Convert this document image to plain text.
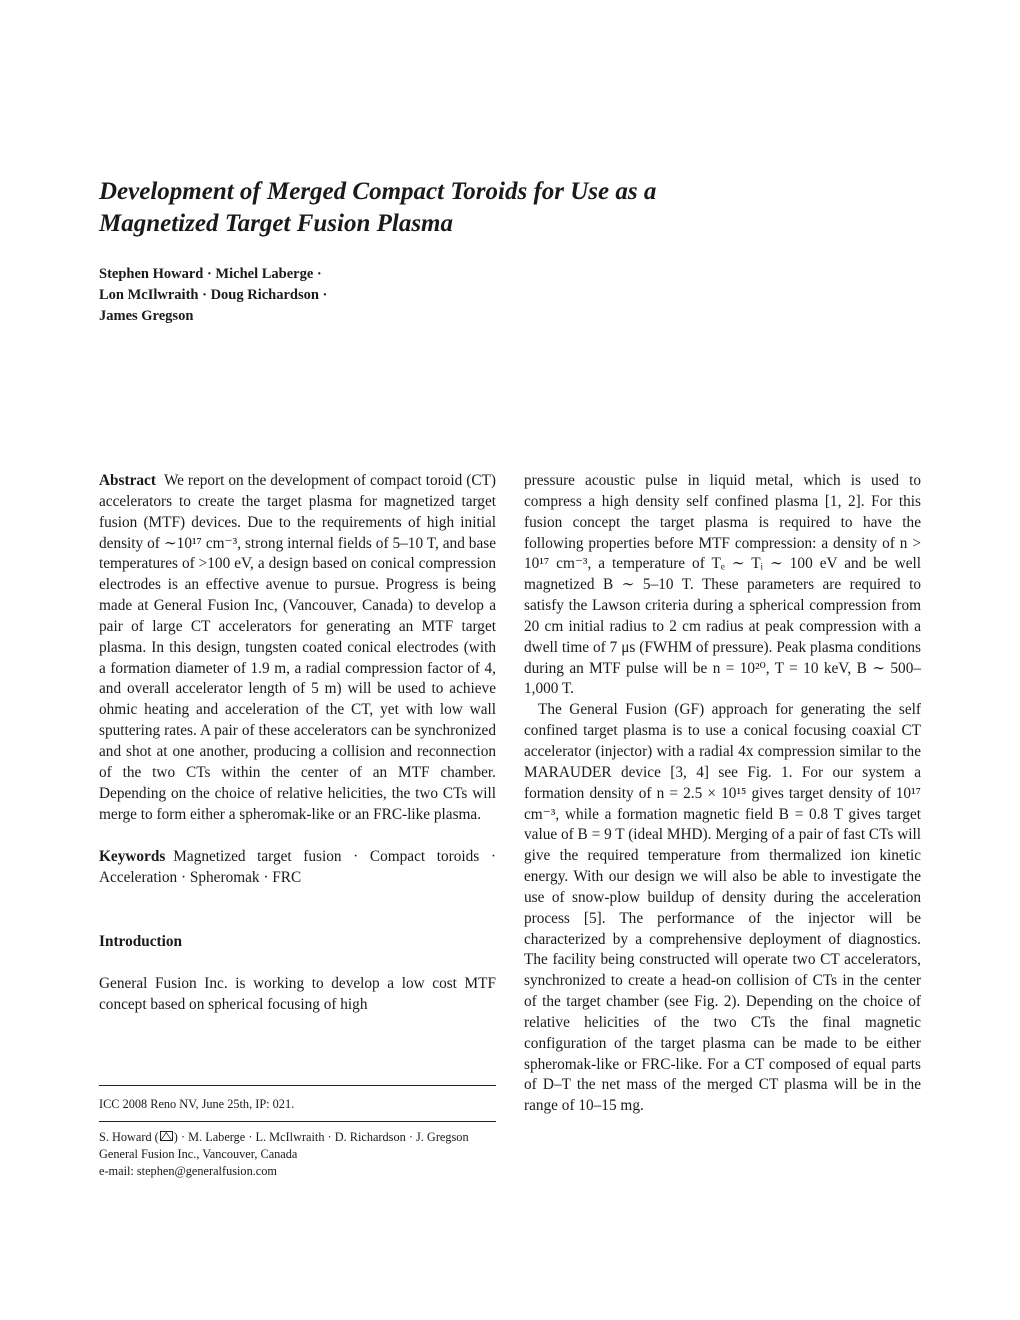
Development of Merged Compact Toroids for Use as a Magnetized Target Fusion Plasma
Stephen Howard · Michel Laberge ·
Lon McIlwraith · Doug Richardson ·
James Gregson

Abstract We report on the development of compact toroid (CT) accelerators to create the target plasma for magnetized target fusion (MTF) devices. Due to the requirements of high initial density of ∼10¹⁷ cm⁻³, strong internal fields of 5–10 T, and base temperatures of >100 eV, a design based on conical compression electrodes is an effective avenue to pursue. Progress is being made at General Fusion Inc, (Vancouver, Canada) to develop a pair of large CT accelerators for generating an MTF target plasma. In this design, tungsten coated conical electrodes (with a formation diameter of 1.9 m, a radial compression factor of 4, and overall accelerator length of 5 m) will be used to achieve ohmic heating and acceleration of the CT, yet with low wall sputtering rates. A pair of these accelerators can be synchronized and shot at one another, producing a collision and reconnection of the two CTs within the center of an MTF chamber. Depending on the choice of relative helicities, the two CTs will merge to form either a spheromak-like or an FRC-like plasma.

Keywords Magnetized target fusion · Compact toroids · Acceleration · Spheromak · FRC

Introduction

General Fusion Inc. is working to develop a low cost MTF concept based on spherical focusing of high

pressure acoustic pulse in liquid metal, which is used to compress a high density self confined plasma [1, 2]. For this fusion concept the target plasma is required to have the following properties before MTF compression: a density of n > 10¹⁷ cm⁻³, a temperature of Tₑ ∼ Tᵢ ∼ 100 eV and be well magnetized B ∼ 5–10 T. These parameters are required to satisfy the Lawson criteria during a spherical compression from 20 cm initial radius to 2 cm radius at peak compression with a dwell time of 7 μs (FWHM of pressure). Peak plasma conditions during an MTF pulse will be n = 10²⁰, T = 10 keV, B ∼ 500–1,000 T.

The General Fusion (GF) approach for generating the self confined target plasma is to use a conical focusing coaxial CT accelerator (injector) with a radial 4x compression similar to the MARAUDER device [3, 4] see Fig. 1. For our system a formation density of n = 2.5 × 10¹⁵ gives target density of 10¹⁷ cm⁻³, while a formation magnetic field B = 0.8 T gives target value of B = 9 T (ideal MHD). Merging of a pair of fast CTs will give the required temperature from thermalized ion kinetic energy. With our design we will also be able to investigate the use of snow-plow buildup of density during the acceleration process [5]. The performance of the injector will be characterized by a comprehensive deployment of diagnostics. The facility being constructed will operate two CT accelerators, synchronized to create a head-on collision of CTs in the center of the target chamber (see Fig. 2). Depending on the choice of relative helicities of the two CTs the final magnetic configuration of the target plasma can be made to be either spheromak-like or FRC-like. For a CT composed of equal parts of D–T the net mass of the merged CT plasma will be in the range of 10–15 mg.

ICC 2008 Reno NV, June 25th, IP: 021.
S. Howard ( ) · M. Laberge · L. McIlwraith · D. Richardson · J. Gregson
General Fusion Inc., Vancouver, Canada
e-mail: stephen@generalfusion.com
